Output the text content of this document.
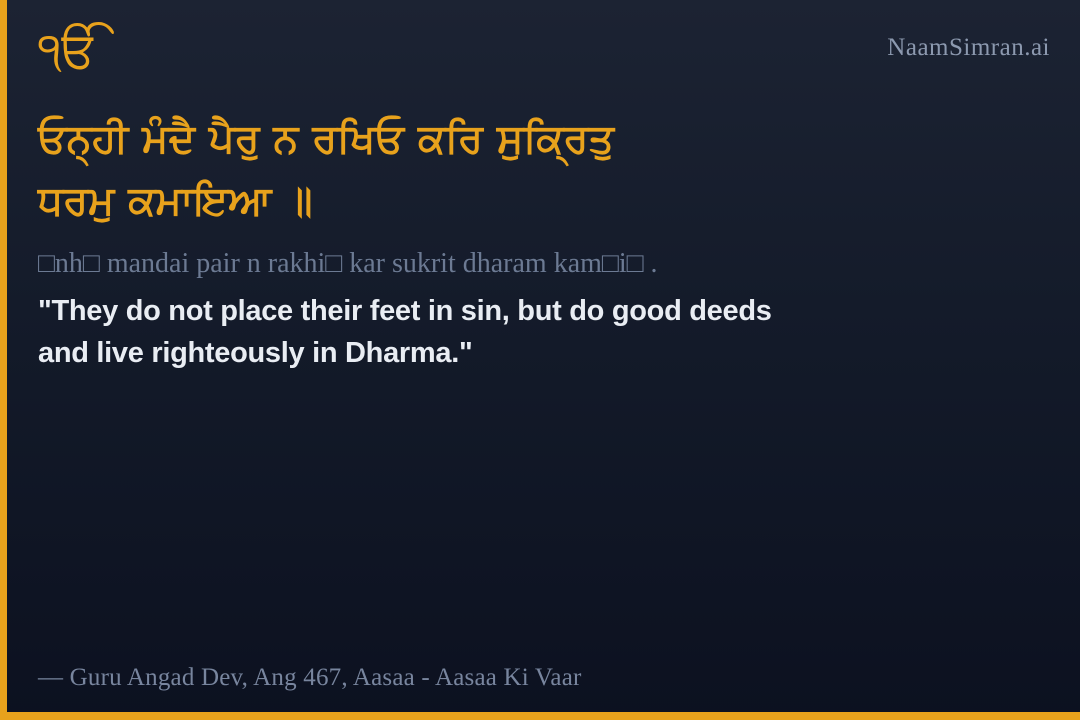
ੴ	NaamSimran.ai
ਓਨ੍ਹੀ ਮੰਦੈ ਪੈਰੁ ਨ ਰਖਿਓ ਕਰਿ ਸੁਕ੍ਰਿਤੁ ਧਰਮੁ ਕਮਾਇਆ ॥
□nh□ mandai pair n rakhi□ kar sukrit dharam kam□i□ .
"They do not place their feet in sin, but do good deeds and live righteously in Dharma."
— Guru Angad Dev, Ang 467, Aasaa - Aasaa Ki Vaar
